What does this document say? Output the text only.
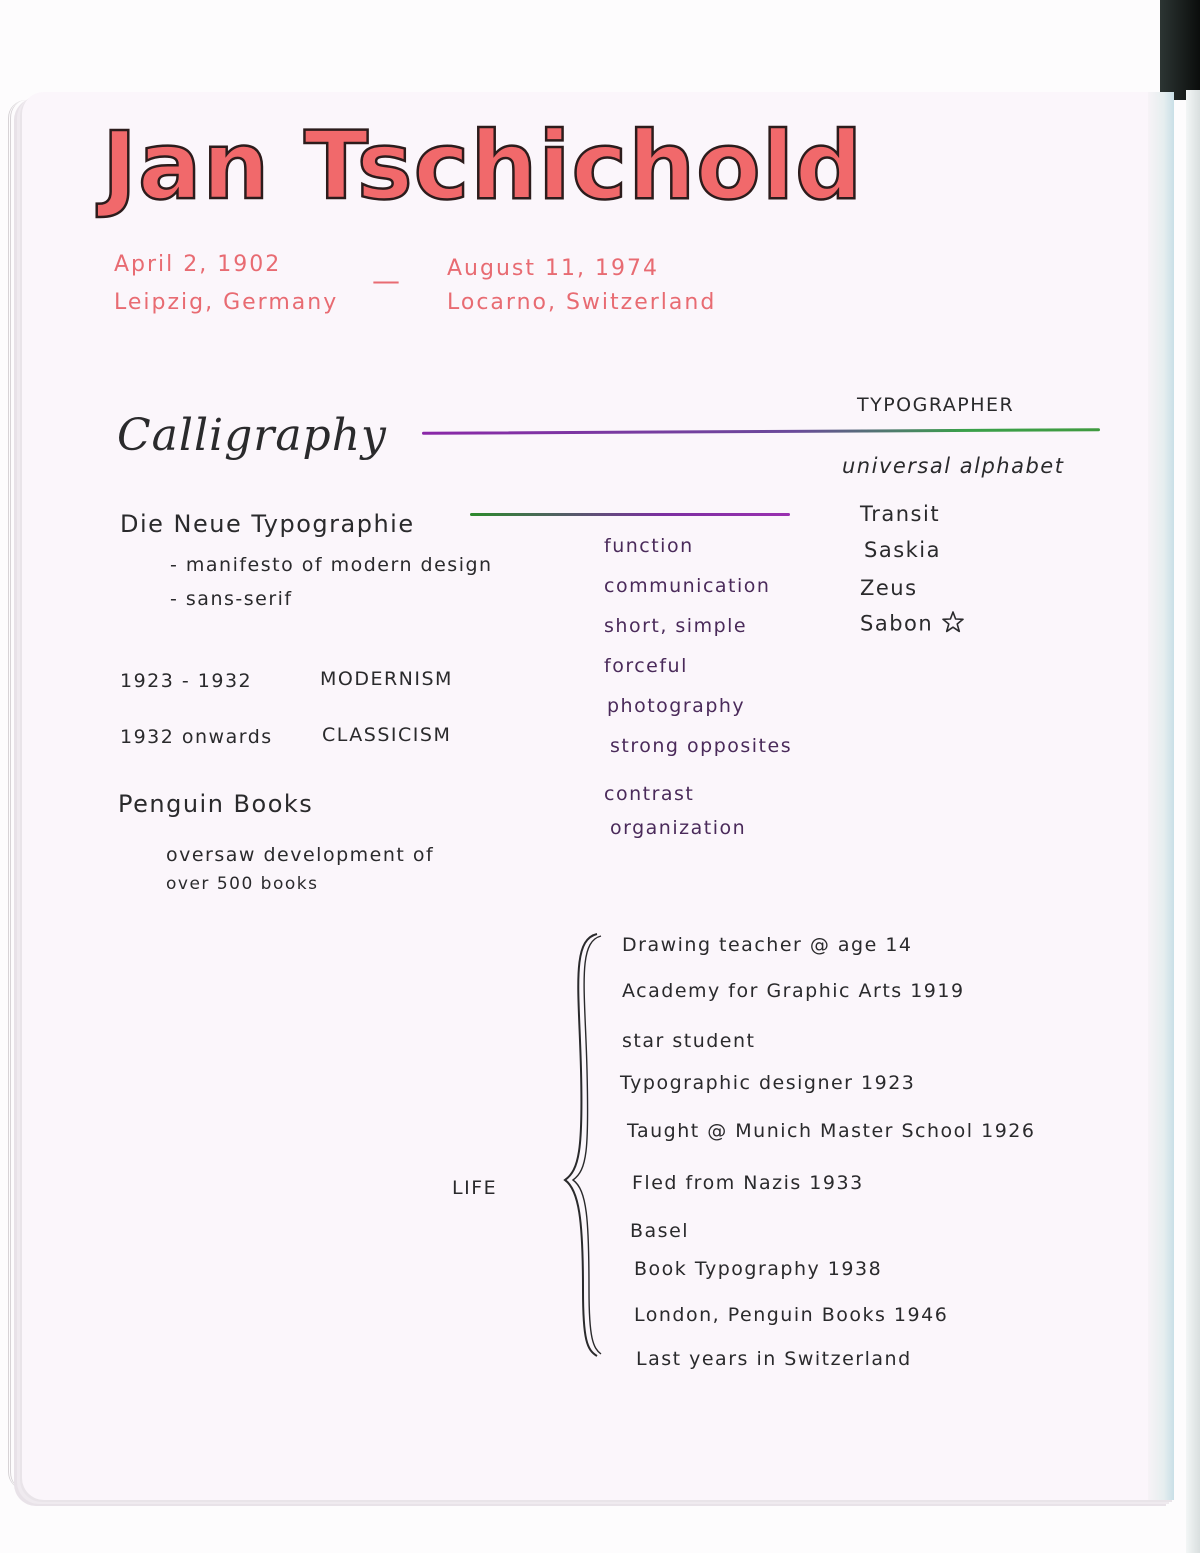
Jan Tschichold
April 2, 1902
Leipzig, Germany
— August 11, 1974
Locarno, Switzerland
Calligraphy
TYPOGRAPHER
universal alphabet
Transit
Saskia
Zeus
Sabon
Die Neue Typographie
- manifesto of modern design
- sans-serif
function
communication
short, simple
forceful
photography
strong opposites
contrast
organization
1923 - 1932	MODERNISM
1932 onwards	CLASSICISM
Penguin Books
oversaw development of
over 500 books
LIFE
Drawing teacher @ age 14
Academy for Graphic Arts 1919
star student
Typographic designer 1923
Taught @ Munich Master School 1926
Fled from Nazis 1933
Basel
Book Typography 1938
London, Penguin Books 1946
Last years in Switzerland
